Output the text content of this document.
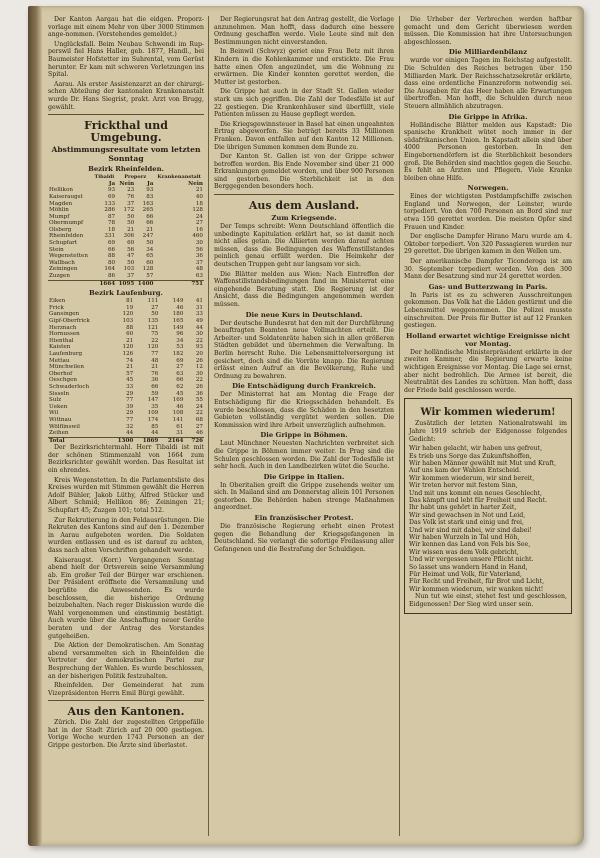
Der Kanton Aargau hat die eidgen. Proporz-vorlage mit einem Mehr von über 3000 Stimmen ange-nommen. (Vorstehendes gemeldet.)

Unglücksfall. Beim Neubau Schwendi im Rup-perswil fiel Hans Haller, geb. 1877, Handl., bei Baumeister Hofstetter im Suhrental, vom Gerüst herunter. Er kam mit schweren Verletzungen ins Spital.

Aarau. Als erster Assistenzarzt an der chirurgi-schen Abteilung der kantonalen Krankenanstalt wurde Dr. Hans Siegrist, prakt. Arzt von Brugg, gewählt.

Frickthal und Umgebung.
Abstimmungsresultate vom letzten Sonntag
Bezirk Rheinfelden.
	Tibaldi	Proporz		Krankenanstalt
	Ja	Nein	Ja	Nein
Hellikon	93	23	93	21
Kaiseraugst	69	76	83	40
Magden	133	37	163	18
Möhlin	286	172	265	128
Mumpf	87	50	66	24
Obermumpf	78	50	66	27
Olsberg	18	21	21	16
Rheinfelden	331	306	247	460
Schupfart	69	60	50	30
Stein	66	56	34	56
Wegenstetten	88	47	65	36
Wallbach	80	50	60	37
Zeiningen	164	103	128	48
Zuzgen	86	37	57	63
	1664	1095	1400	751
Bezirk Laufenburg.
Eiken	81	111	149	41
Frick	19	27	46	31
Gansingen	120	50	180	33
Gipf-Oberfrick	103	135	165	49
Herznach	88	121	149	44
Hornussen	60	75	96	30
Ittenthal	21	22	34	22
Kaisten	120	120	53	93
Laufenburg	126	77	182	20
Mettau	74	48	69	26
Münchwilen	21	21	27	12
Oberhof	57	76	63	30
Oeschgen	45	36	66	22
Schwaderloch	33	66	62	26
Sisseln	29	59	45	36
Sulz	77	147	169	55
Ueken	39	35	46	24
Wil	29	109	108	22
Wittnau	77	174	141	68
Wölflinswil	32	85	61	27
Zeihen	44	44	31	46
Total	1300	1869	2164	726

Der Bezirksrichtermahl. Herr Tibaldi ist mit der schönen Stimmenzahl von 1664 zum Bezirksrichter gewählt worden. Das Resultat ist ein ehrendes.

Kreis Wegenstetten. In die Parlamentsliste des Kreises wurden mit Stimmen gewählt die Herren Adolf Bühler, Jakob Lüthy, Alfred Stücker und Albert Schmid; Hellikon 86; Zeiningen 21; Schupfart 45; Zuzgen 101; total 512.

Zur Rekrutierung in den Feldausrüstungen. Die Rekruten des Kantons sind auf den 1. Dezember in Aarau aufgeboten worden. Die Soldaten wurden entlassen und es ist darauf zu achten, dass nach alten Vorschriften gehandelt werde.

Kaiseraugst. (Korr.) Vergangenen Sonntag abend hielt der Ortsverein seine Versammlung ab. Ein großer Teil der Bürger war erschienen. Der Präsident eröffnete die Versammlung und begrüßte die Anwesenden. Es wurde beschlossen, die bisherige Ordnung beizubehalten. Nach reger Diskussion wurde die Wahl vorgenommen und einstimmig bestätigt. Auch wurde über die Anschaffung neuer Geräte beraten und der Antrag des Vorstandes gutgeheißen.

Die Aktion der Demokratischen. Am Sonntag abend versammelten sich in Rheinfelden die Vertreter der demokratischen Partei zur Besprechung der Wahlen. Es wurde beschlossen, an der bisherigen Politik festzuhalten.

Rheinfelden. Der Gemeinderat hat zum Vizepräsidenten Herrn Emil Bürgi gewählt.

Aus den Kantonen.

Zürich. Die Zahl der zugestellten Grippefälle hat in der Stadt Zürich auf 20 000 gestiegen. Vorige Woche wurden 1743 Personen an der Grippe gestorben. Die Ärzte sind überlastet.

Der Regierungsrat hat den Antrag gestellt, die Vorlage anzunehmen. Man hofft, dass dadurch eine bessere Ordnung geschaffen werde. Viele Leute sind mit den Bestimmungen nicht einverstanden.

In Beinwil (Schwyz) geriet eine Frau Betz mit ihren Kindern in die Kohlenkammer und erstickte. Die Frau hatte einen Ofen angezündet, um die Wohnung zu erwärmen. Die Kinder konnten gerettet werden, die Mutter ist gestorben.

Die Grippe hat auch in der Stadt St. Gallen wieder stark um sich gegriffen. Die Zahl der Todesfälle ist auf 22 gestiegen. Die Krankenhäuser sind überfüllt, viele Patienten müssen zu Hause gepflegt werden.

Die Kriegsgewinnsteuer in Basel hat einen ungeahnten Ertrag abgeworfen. Sie beträgt bereits 33 Millionen Franken. Davon entfallen auf den Kanton 12 Millionen. Die übrigen Summen kommen dem Bunde zu.

Der Kanton St. Gallen ist von der Grippe schwer betroffen worden. Bis Ende November sind über 21 000 Erkrankungen gemeldet worden, und über 900 Personen sind gestorben. Die Sterblichkeit ist in den Berggegenden besonders hoch.

Aus dem Ausland.
Zum Kriegsende.

Der Temps schreibt: Wenn Deutschland öffentlich die unbedingte Kapitulation erklärt hat, so ist damit noch nicht alles getan. Die Alliierten werden darauf achten müssen, dass die Bedingungen des Waffenstillstandes peinlich genau erfüllt werden. Die Heimkehr der deutschen Truppen geht nur langsam vor sich.

Die Blätter melden aus Wien: Nach Eintreffen der Waffenstillstandsbedingungen fand im Ministerrat eine eingehende Beratung statt. Die Regierung ist der Ansicht, dass die Bedingungen angenommen werden müssen.

Die neue Kurs in Deutschland.

Der deutsche Bundesrat hat den mit der Durchführung beauftragten Beamten neue Vollmachten erteilt. Die Arbeiter- und Soldatenräte haben sich in allen größeren Städten gebildet und übernehmen die Verwaltung. In Berlin herrscht Ruhe. Die Lebensmittelversorgung ist gesichert, doch sind die Vorräte knapp. Die Regierung erlässt einen Aufruf an die Bevölkerung, Ruhe und Ordnung zu bewahren.

Die Entschädigung durch Frankreich.

Der Ministerrat hat am Montag die Frage der Entschädigung für die Kriegsschäden behandelt. Es wurde beschlossen, dass die Schäden in den besetzten Gebieten vollständig vergütet werden sollen. Die Kommission wird ihre Arbeit unverzüglich aufnehmen.

Die Grippe in Böhmen.

Laut Münchner Neuesten Nachrichten verbreitet sich die Grippe in Böhmen immer weiter. In Prag sind die Schulen geschlossen worden. Die Zahl der Todesfälle ist sehr hoch. Auch in den Landbezirken wütet die Seuche.

Die Grippe in Italien.

In Oberitalien greift die Grippe zusehends weiter um sich. In Mailand sind am Donnerstag allein 101 Personen gestorben. Die Behörden haben strenge Maßnahmen angeordnet.

Ein französischer Protest.

Die französische Regierung erhebt einen Protest gegen die Behandlung der Kriegsgefangenen in Deutschland. Sie verlangt die sofortige Freilassung aller Gefangenen und die Bestrafung der Schuldigen.

Die Urheber der Verbrechen werden haftbar gemacht und dem Gericht überwiesen werden müssen. Die Kommission hat ihre Untersuchungen abgeschlossen.

Die Milliardenbilanz

wurde vor einigen Tagen im Reichstag aufgestellt. Die Schulden des Reiches betragen über 150 Milliarden Mark. Der Reichsschatzsekretär erklärte, dass eine ordentliche Finanzreform notwendig sei. Die Ausgaben für das Heer haben alle Erwartungen übertroffen. Man hofft, die Schulden durch neue Steuern allmählich abzutragen.

Die Grippe in Afrika.

Holländische Blätter melden aus Kapstadt: Die spanische Krankheit wütet noch immer in der südafrikanischen Union. In Kapstadt allein sind über 4000 Personen gestorben. In den Eingebornendörfern ist die Sterblichkeit besonders groß. Die Behörden sind machtlos gegen die Seuche. Es fehlt an Ärzten und Pflegern. Viele Kranke bleiben ohne Hilfe.

Norwegen.

Eines der wichtigsten Postdampfschiffe zwischen England und Norwegen, der Leinster, wurde torpediert. Von den 700 Personen an Bord sind nur etwa 150 gerettet worden. Die meisten Opfer sind Frauen und Kinder.

Der englische Dampfer Hirano Maru wurde am 4. Oktober torpediert. Von 320 Passagieren wurden nur 29 gerettet. Die übrigen kamen in den Wellen um.

Der amerikanische Dampfer Ticonderoga ist am 30. September torpediert worden. Von den 300 Mann der Besatzung sind nur 24 gerettet worden.

Gas- und Butterzwang in Paris.

In Paris ist es zu schweren Ausschreitungen gekommen. Das Volk hat die Läden gestürmt und die Lebensmittel weggenommen. Die Polizei musste einschreiten. Der Preis für Butter ist auf 12 Franken gestiegen.

Holland erwartet wichtige Ereignisse nicht vor Montag.

Der holländische Ministerpräsident erklärte in der zweiten Kammer, die Regierung erwarte keine wichtigen Ereignisse vor Montag. Die Lage sei ernst, aber nicht bedrohlich. Die Armee ist bereit, die Neutralität des Landes zu schützen. Man hofft, dass der Friede bald geschlossen werde.

Wir kommen wiederum!

Zusätzlich der letzten Nationalratswahl im Jahre 1919 schrieb der Eidgenosse folgendes Gedicht:

Wir haben gelacht, wir haben uns gefreut,
Es trieb uns Sorge das Zukunftshoffen,
Wir haben Männer gewählt mit Mut und Kraft,
Auf uns kam der Wahlen Entscheid.
Wir kommen wiederum, wir sind bereit,
Wir treten hervor mit festem Sinn,
Und mit uns kommt ein neues Geschlecht,
Das kämpft und lebt für Freiheit und Recht.
Ihr habt uns gehört in harter Zeit,
Wir sind gewachsen in Not und Leid,
Das Volk ist stark und einig und frei,
Und wir sind mit dabei, wir sind dabei!
Wir haben Wurzeln in Tal und Höh,
Wir kennen das Land von Fels bis See,
Wir wissen was dem Volk gebricht,
Und wir vergessen unsere Pflicht nicht.
So lasset uns wandern Hand in Hand,
Für Heimat und Volk, für Vaterland,
Für Recht und Freiheit, für Brot und Licht,
Wir kommen wiederum, wir wanken nicht!

Nun tut wie einst, stehet fest und geschlossen, Eidgenossen! Der Sieg wird unser sein.
